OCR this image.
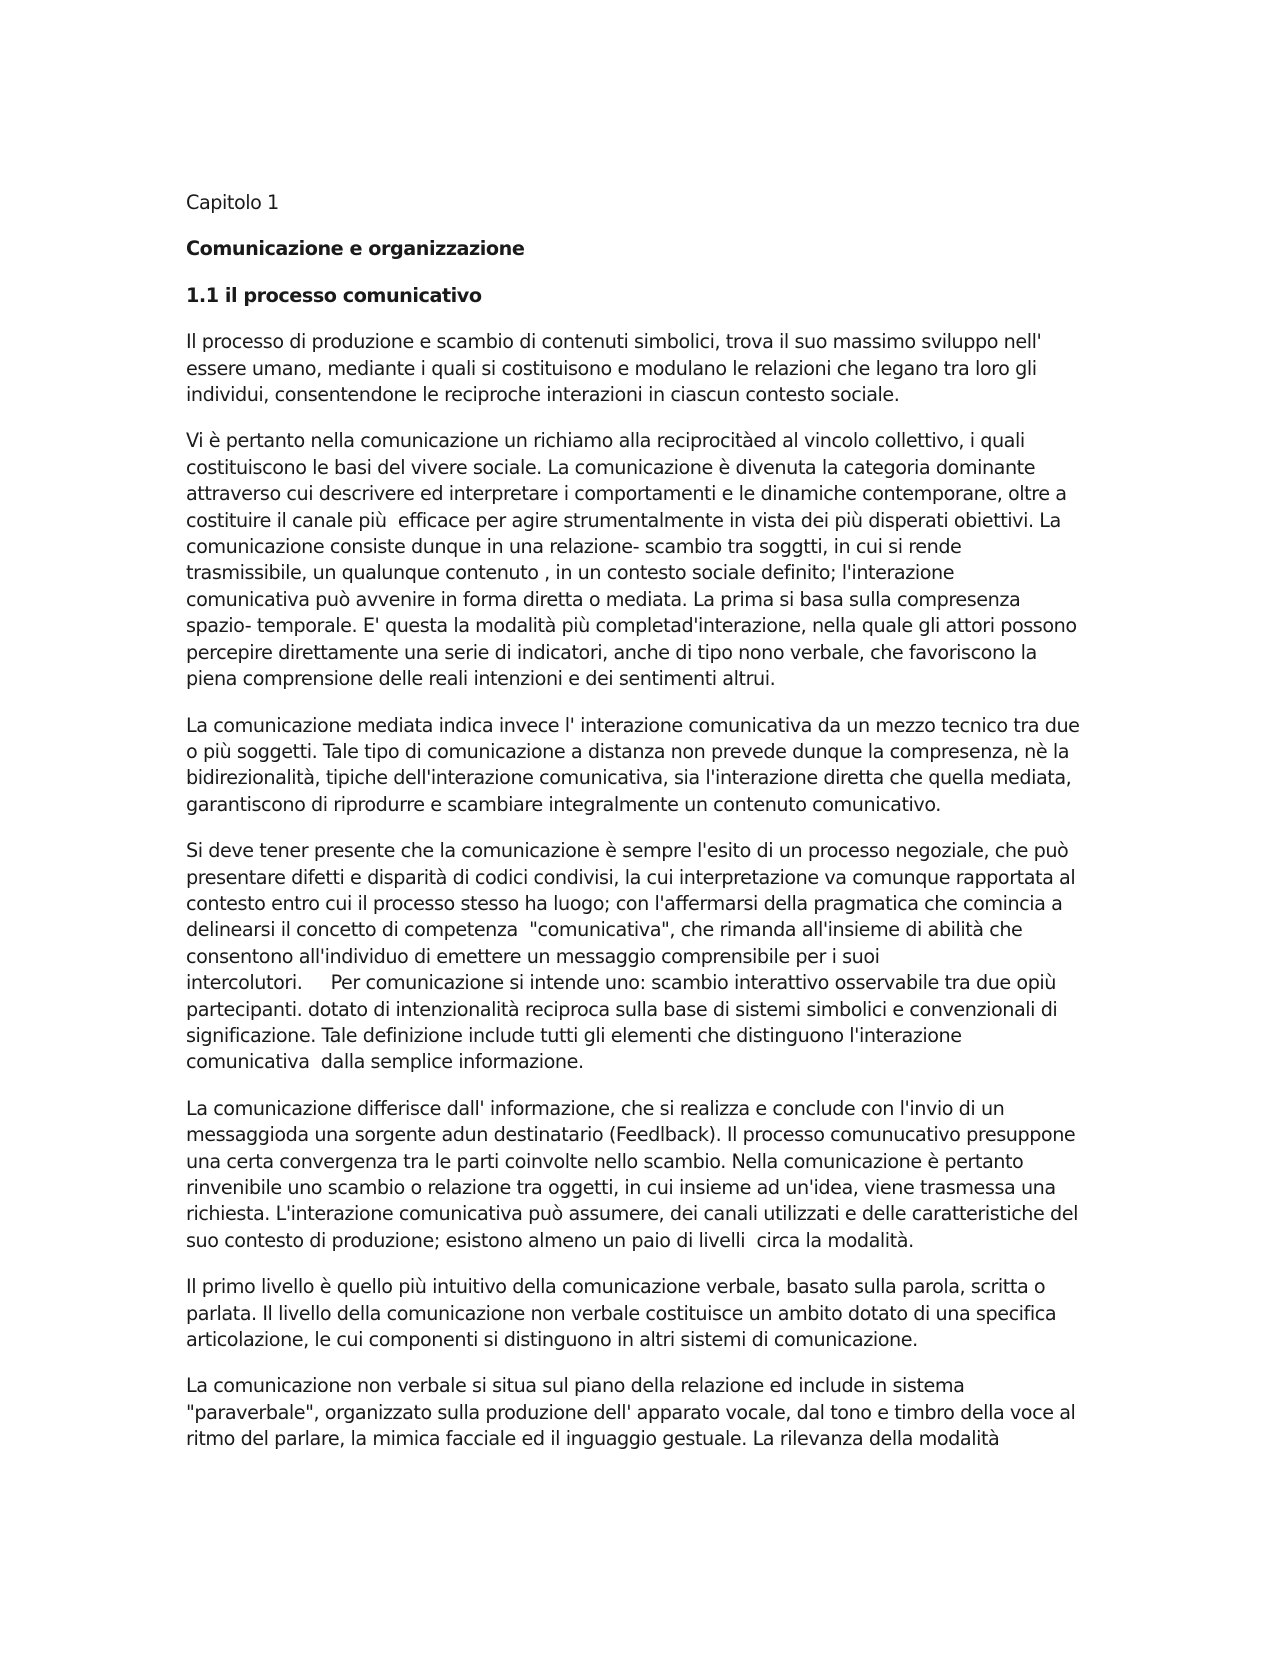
Capitolo 1

Comunicazione e organizzazione

1.1 il processo comunicativo

Il processo di produzione e scambio di contenuti simbolici, trova il suo massimo sviluppo nell'
essere umano, mediante i quali si costituisono e modulano le relazioni che legano tra loro gli
individui, consentendone le reciproche interazioni in ciascun contesto sociale.
Vi è pertanto nella comunicazione un richiamo alla reciprocitàed al vincolo collettivo, i quali
costituiscono le basi del vivere sociale. La comunicazione è divenuta la categoria dominante
attraverso cui descrivere ed interpretare i comportamenti e le dinamiche contemporane, oltre a
costituire il canale più  efficace per agire strumentalmente in vista dei più disperati obiettivi. La
comunicazione consiste dunque in una relazione- scambio tra soggtti, in cui si rende
trasmissibile, un qualunque contenuto , in un contesto sociale definito; l'interazione
comunicativa può avvenire in forma diretta o mediata. La prima si basa sulla compresenza
spazio- temporale. E' questa la modalità più completad'interazione, nella quale gli attori possono
percepire direttamente una serie di indicatori, anche di tipo nono verbale, che favoriscono la
piena comprensione delle reali intenzioni e dei sentimenti altrui.
La comunicazione mediata indica invece l' interazione comunicativa da un mezzo tecnico tra due
o più soggetti. Tale tipo di comunicazione a distanza non prevede dunque la compresenza, nè la
bidirezionalità, tipiche dell'interazione comunicativa, sia l'interazione diretta che quella mediata,
garantiscono di riprodurre e scambiare integralmente un contenuto comunicativo.
Si deve tener presente che la comunicazione è sempre l'esito di un processo negoziale, che può
presentare difetti e disparità di codici condivisi, la cui interpretazione va comunque rapportata al
contesto entro cui il processo stesso ha luogo; con l'affermarsi della pragmatica che comincia a
delinearsi il concetto di competenza  "comunicativa", che rimanda all'insieme di abilità che
consentono all'individuo di emettere un messaggio comprensibile per i suoi
intercolutori.     Per comunicazione si intende uno: scambio interattivo osservabile tra due opiù
partecipanti. dotato di intenzionalità reciproca sulla base di sistemi simbolici e convenzionali di
significazione. Tale definizione include tutti gli elementi che distinguono l'interazione
comunicativa  dalla semplice informazione.
La comunicazione differisce dall' informazione, che si realizza e conclude con l'invio di un
messaggioda una sorgente adun destinatario (Feedlback). Il processo comunucativo presuppone
una certa convergenza tra le parti coinvolte nello scambio. Nella comunicazione è pertanto
rinvenibile uno scambio o relazione tra oggetti, in cui insieme ad un'idea, viene trasmessa una
richiesta. L'interazione comunicativa può assumere, dei canali utilizzati e delle caratteristiche del
suo contesto di produzione; esistono almeno un paio di livelli  circa la modalità.
Il primo livello è quello più intuitivo della comunicazione verbale, basato sulla parola, scritta o
parlata. Il livello della comunicazione non verbale costituisce un ambito dotato di una specifica
articolazione, le cui componenti si distinguono in altri sistemi di comunicazione.
La comunicazione non verbale si situa sul piano della relazione ed include in sistema
"paraverbale", organizzato sulla produzione dell' apparato vocale, dal tono e timbro della voce al
ritmo del parlare, la mimica facciale ed il inguaggio gestuale. La rilevanza della modalità
